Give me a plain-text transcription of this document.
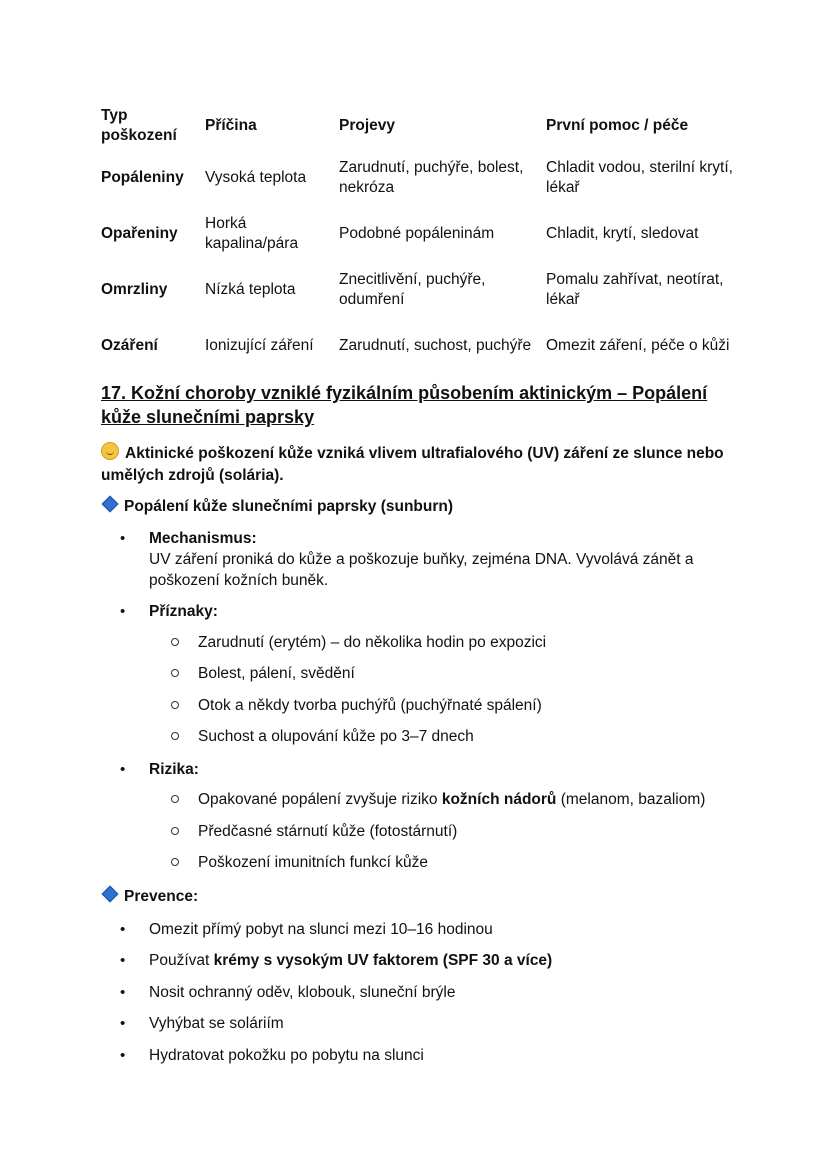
Typ poškození	Příčina	Projevy	První pomoc / péče
Popáleniny	Vysoká teplota	Zarudnutí, puchýře, bolest, nekróza	Chladit vodou, sterilní krytí, lékař
Opařeniny	Horká kapalina/pára	Podobné popáleninám	Chladit, krytí, sledovat
Omrzliny	Nízká teplota	Znecitlivění, puchýře, odumření	Pomalu zahřívat, neotírat, lékař
Ozáření	Ionizující záření	Zarudnutí, suchost, puchýře	Omezit záření, péče o kůži
17. Kožní choroby vzniklé fyzikálním působením aktinickým – Popálení kůže slunečními paprsky
Aktinické poškození kůže vzniká vlivem ultrafialového (UV) záření ze slunce nebo umělých zdrojů (solária).
Popálení kůže slunečními paprsky (sunburn)
• Mechanismus:
UV záření proniká do kůže a poškozuje buňky, zejména DNA. Vyvolává zánět a poškození kožních buněk.
• Příznaky:
Zarudnutí (erytém) – do několika hodin po expozici
Bolest, pálení, svědění
Otok a někdy tvorba puchýřů (puchýřnaté spálení)
Suchost a olupování kůže po 3–7 dnech
• Rizika:
Opakované popálení zvyšuje riziko kožních nádorů (melanom, bazaliom)
Předčasné stárnutí kůže (fotostárnutí)
Poškození imunitních funkcí kůže
Prevence:
• Omezit přímý pobyt na slunci mezi 10–16 hodinou
• Používat krémy s vysokým UV faktorem (SPF 30 a více)
• Nosit ochranný oděv, klobouk, sluneční brýle
• Vyhýbat se soláriím
• Hydratovat pokožku po pobytu na slunci
